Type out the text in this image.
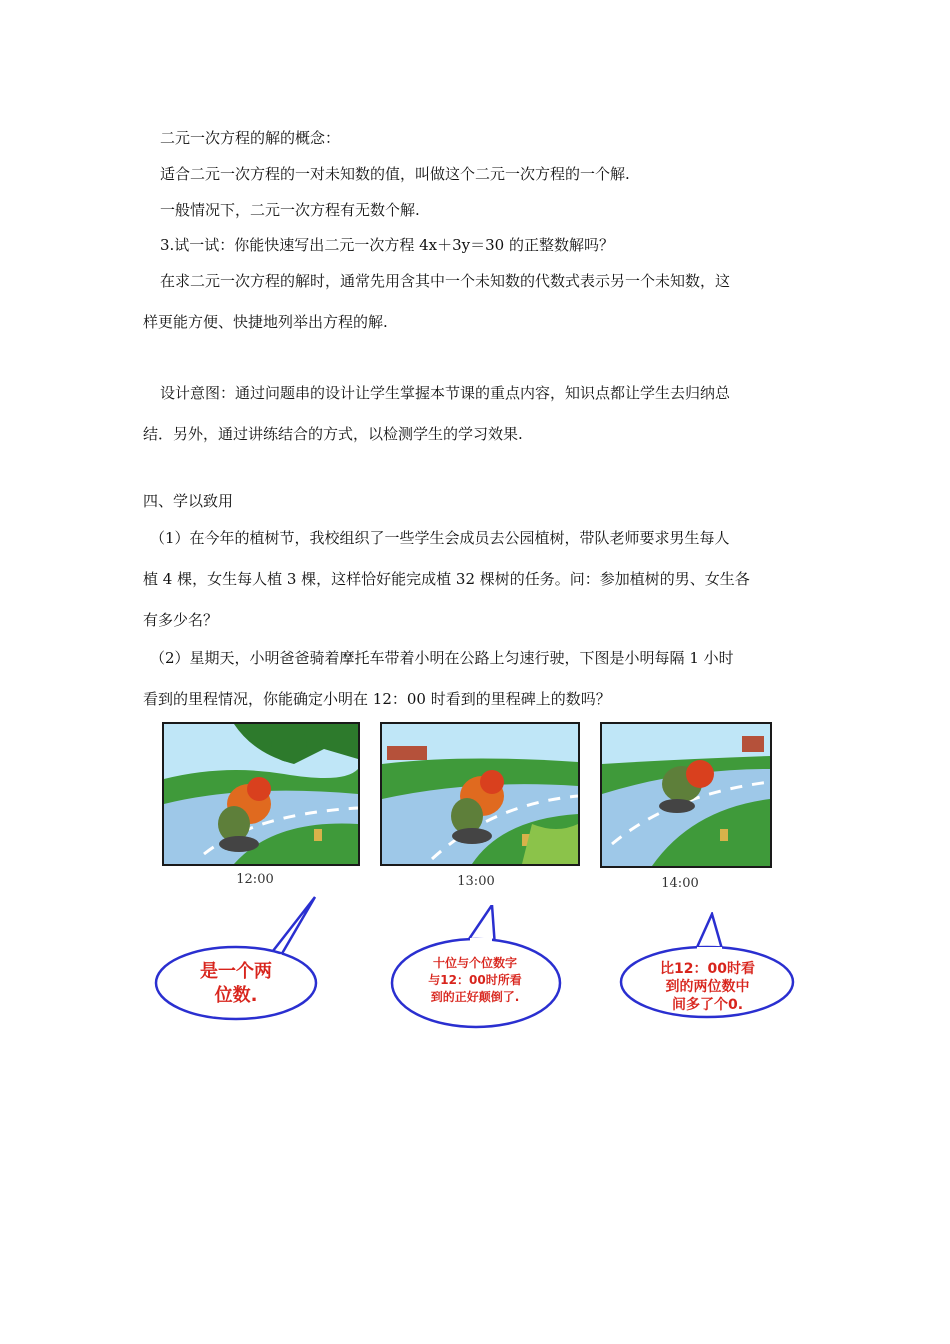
二元一次方程的解的概念：
适合二元一次方程的一对未知数的值，叫做这个二元一次方程的一个解.
一般情况下，二元一次方程有无数个解.
3.试一试：你能快速写出二元一次方程 4x＋3y＝30 的正整数解吗？
在求二元一次方程的解时，通常先用含其中一个未知数的代数式表示另一个未知数，这
样更能方便、快捷地列举出方程的解.
设计意图：通过问题串的设计让学生掌握本节课的重点内容，知识点都让学生去归纳总
结．另外，通过讲练结合的方式，以检测学生的学习效果.
四、学以致用
（1）在今年的植树节，我校组织了一些学生会成员去公园植树，带队老师要求男生每人
植 4 棵，女生每人植 3 棵，这样恰好能完成植 32 棵树的任务。问：参加植树的男、女生各
有多少名？
（2）星期天，小明爸爸骑着摩托车带着小明在公路上匀速行驶，下图是小明每隔 1 小时
看到的里程情况，你能确定小明在 12：00 时看到的里程碑上的数吗？
12:00	13:00	14:00
是一个两
位数.
十位与个位数字
与12：00时所看
到的正好颠倒了.
比12：00时看
到的两位数中
间多了个0.
